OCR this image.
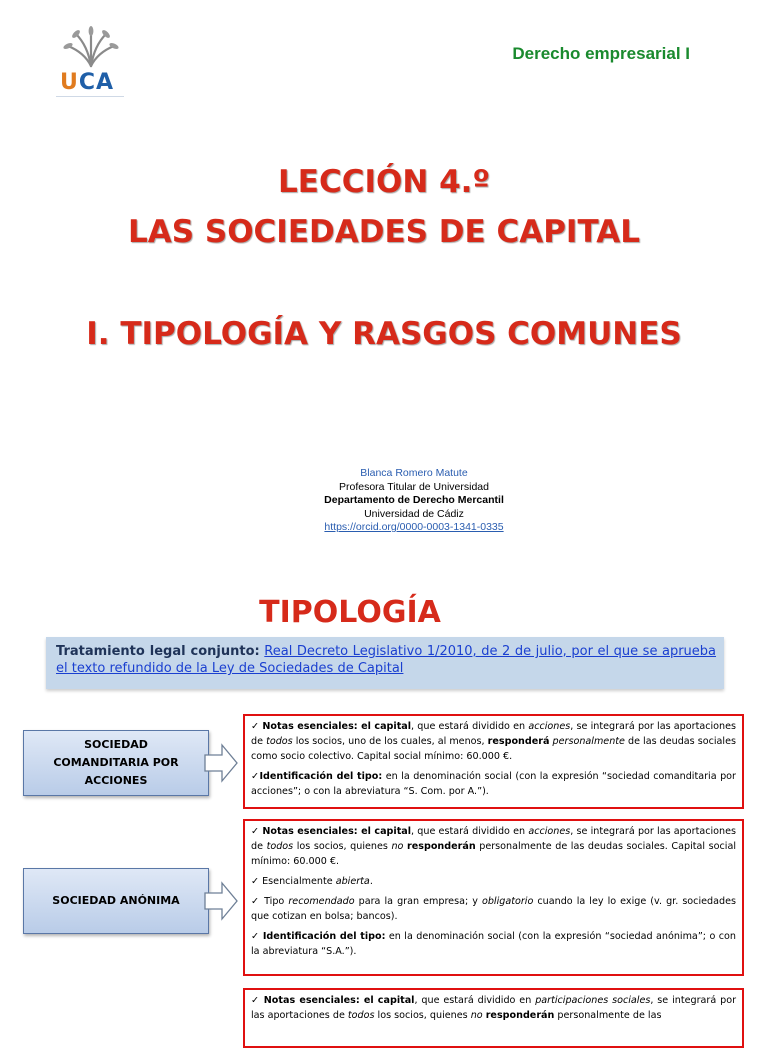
UCA
Derecho empresarial I
LECCIÓN 4.º
LAS SOCIEDADES DE CAPITAL
I. TIPOLOGÍA Y RASGOS COMUNES
Blanca Romero Matute
Profesora Titular de Universidad
Departamento de Derecho Mercantil
Universidad de Cádiz
https://orcid.org/0000-0003-1341-0335
TIPOLOGÍA
Tratamiento legal conjunto: Real Decreto Legislativo 1/2010, de 2 de julio, por el que se aprueba el texto refundido de la Ley de Sociedades de Capital
SOCIEDAD COMANDITARIA POR ACCIONES

✓ Notas esenciales: el capital, que estará dividido en acciones, se integrará por las aportaciones de todos los socios, uno de los cuales, al menos, responderá personalmente de las deudas sociales como socio colectivo. Capital social mínimo: 60.000 €.

✓Identificación del tipo: en la denominación social (con la expresión “sociedad comanditaria por acciones”; o con la abreviatura “S. Com. por A.”).

SOCIEDAD ANÓNIMA

✓ Notas esenciales: el capital, que estará dividido en acciones, se integrará por las aportaciones de todos los socios, quienes no responderán personalmente de las deudas sociales. Capital social mínimo: 60.000 €.

✓ Esencialmente abierta.

✓ Tipo recomendado para la gran empresa; y obligatorio cuando la ley lo exige (v. gr. sociedades que cotizan en bolsa; bancos).

✓ Identificación del tipo: en la denominación social (con la expresión “sociedad anónima”; o con la abreviatura “S.A.”).

✓ Notas esenciales: el capital, que estará dividido en participaciones sociales, se integrará por las aportaciones de todos los socios, quienes no responderán personalmente de las
